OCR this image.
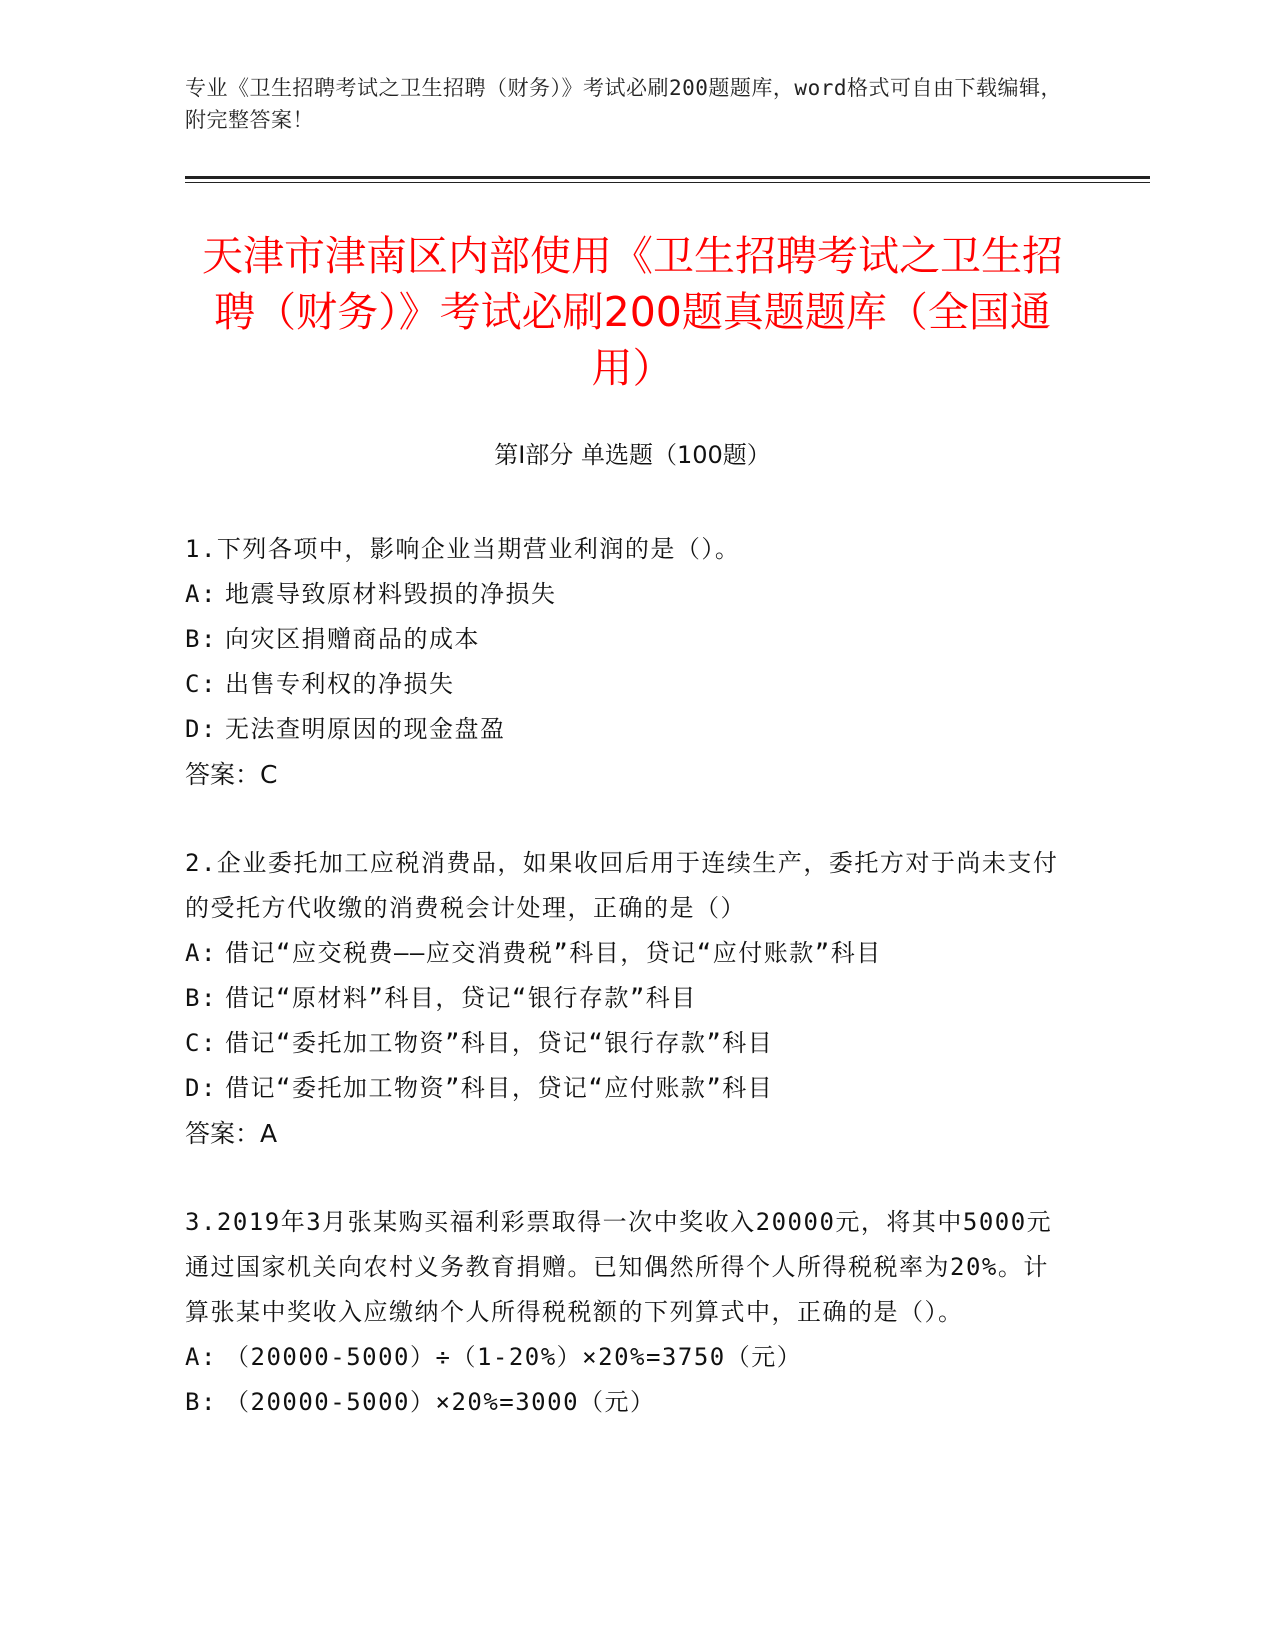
专业《卫生招聘考试之卫生招聘（财务）》考试必刷200题题库，word格式可自由下载编辑，附完整答案！
天津市津南区内部使用《卫生招聘考试之卫生招聘（财务）》考试必刷200题真题题库（全国通用）
第Ⅰ部分 单选题（100题）

1.下列各项中，影响企业当期营业利润的是（）。

A: 地震导致原材料毁损的净损失

B: 向灾区捐赠商品的成本

C: 出售专利权的净损失

D: 无法查明原因的现金盘盈

答案：C

2.企业委托加工应税消费品，如果收回后用于连续生产，委托方对于尚未支付的受托方代收缴的消费税会计处理，正确的是（）

A: 借记“应交税费——应交消费税”科目，贷记“应付账款”科目

B: 借记“原材料”科目，贷记“银行存款”科目

C: 借记“委托加工物资”科目，贷记“银行存款”科目

D: 借记“委托加工物资”科目，贷记“应付账款”科目

答案：A

3.2019年3月张某购买福利彩票取得一次中奖收入20000元，将其中5000元通过国家机关向农村义务教育捐赠。已知偶然所得个人所得税税率为20%。计算张某中奖收入应缴纳个人所得税税额的下列算式中，正确的是（）。

A: （20000-5000）÷（1-20%）×20%=3750（元）

B: （20000-5000）×20%=3000（元）
